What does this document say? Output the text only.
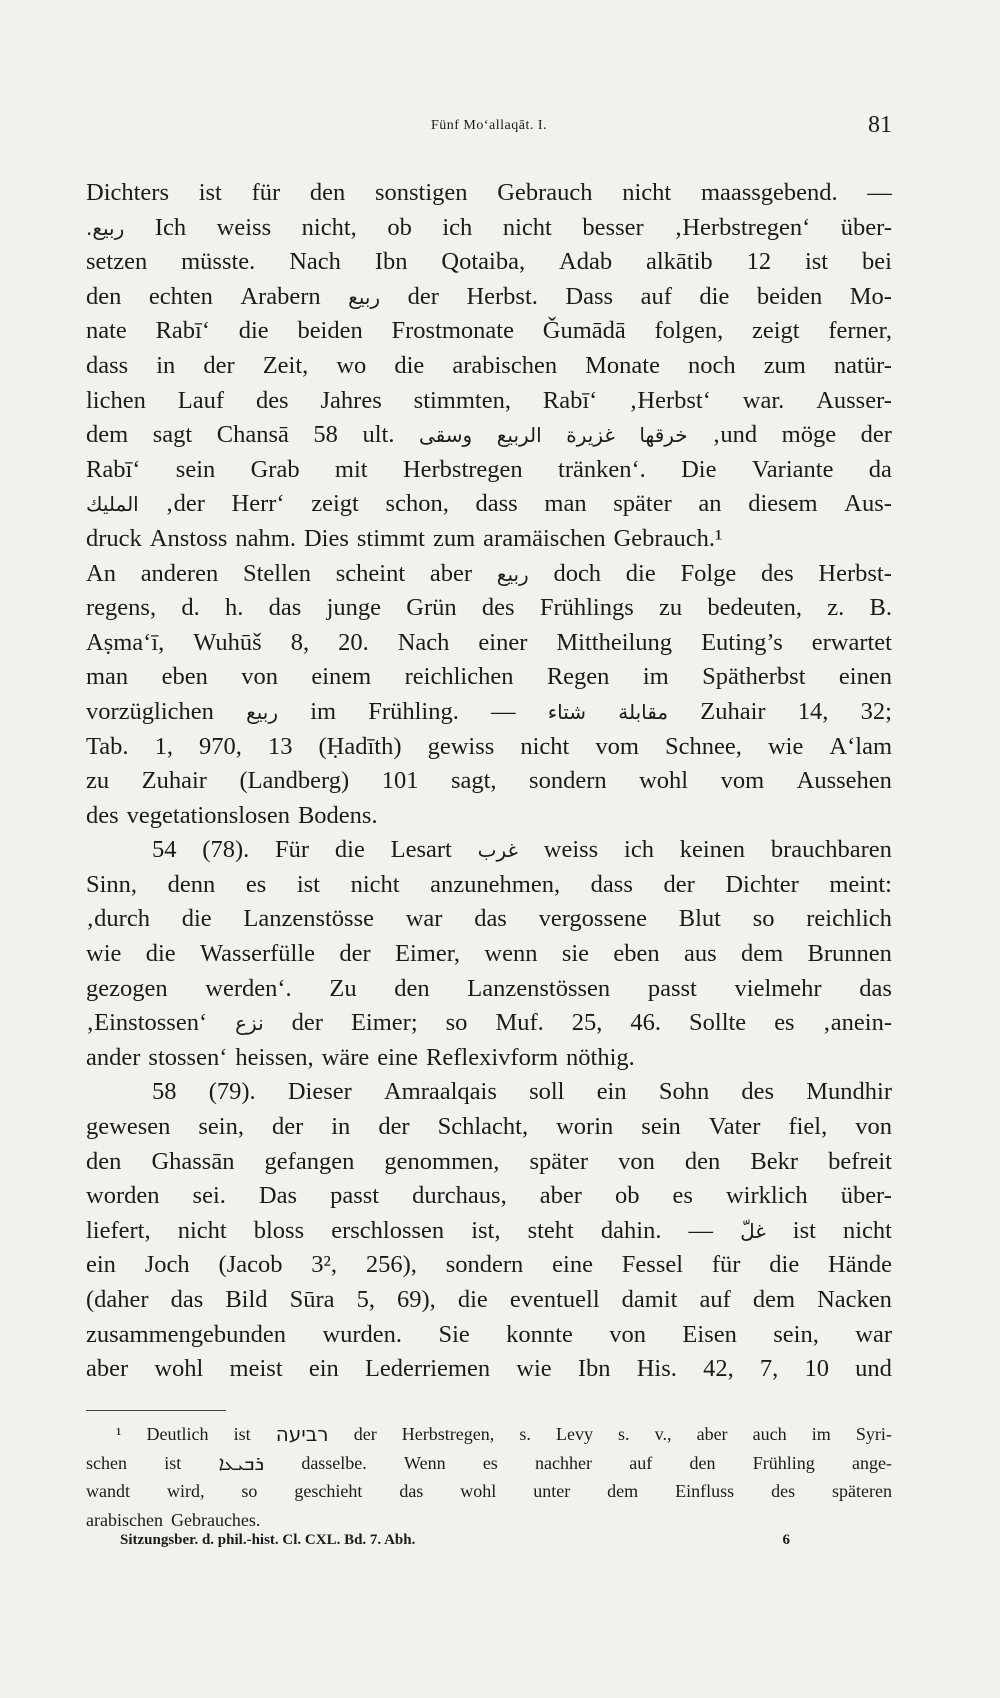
Fünf Mo‘allaqāt. I.	81
Dichters ist für den sonstigen Gebrauch nicht maassgebend. —
ربيع. Ich weiss nicht, ob ich nicht besser ‚Herbstregen‘ über-
setzen müsste. Nach Ibn Qotaiba, Adab alkātib 12 ist bei
den echten Arabern ربيع der Herbst. Dass auf die beiden Mo-
nate Rabī‘ die beiden Frostmonate Ǧumādā folgen, zeigt ferner,
dass in der Zeit, wo die arabischen Monate noch zum natür-
lichen Lauf des Jahres stimmten, Rabī‘ ‚Herbst‘ war. Ausser-
dem sagt Chansā 58 ult. وسقى الربيع غزيرة خرقها ‚und möge der
Rabī‘ sein Grab mit Herbstregen tränken‘. Die Variante da
المليك ‚der Herr‘ zeigt schon, dass man später an diesem Aus-
druck Anstoss nahm. Dies stimmt zum aramäischen Gebrauch.¹
An anderen Stellen scheint aber ربيع doch die Folge des Herbst-
regens, d. h. das junge Grün des Frühlings zu bedeuten, z. B.
Aṣma‘ī, Wuhūš 8, 20. Nach einer Mittheilung Euting’s erwartet
man eben von einem reichlichen Regen im Spätherbst einen
vorzüglichen ربيع im Frühling. — شتاء مقابلة Zuhair 14, 32;
Tab. 1, 970, 13 (Ḥadīth) gewiss nicht vom Schnee, wie A‘lam
zu Zuhair (Landberg) 101 sagt, sondern wohl vom Aussehen
des vegetationslosen Bodens.
54 (78). Für die Lesart غرب weiss ich keinen brauchbaren
Sinn, denn es ist nicht anzunehmen, dass der Dichter meint:
‚durch die Lanzenstösse war das vergossene Blut so reichlich
wie die Wasserfülle der Eimer, wenn sie eben aus dem Brunnen
gezogen werden‘. Zu den Lanzenstössen passt vielmehr das
‚Einstossen‘ نزع der Eimer; so Muf. 25, 46. Sollte es ‚anein-
ander stossen‘ heissen, wäre eine Reflexivform nöthig.
58 (79). Dieser Amraalqais soll ein Sohn des Mundhir
gewesen sein, der in der Schlacht, worin sein Vater fiel, von
den Ghassān gefangen genommen, später von den Bekr befreit
worden sei. Das passt durchaus, aber ob es wirklich über-
liefert, nicht bloss erschlossen ist, steht dahin. — غلّ ist nicht
ein Joch (Jacob 3², 256), sondern eine Fessel für die Hände
(daher das Bild Sūra 5, 69), die eventuell damit auf dem Nacken
zusammengebunden wurden. Sie konnte von Eisen sein, war
aber wohl meist ein Lederriemen wie Ibn His. 42, 7, 10 und
¹ Deutlich ist רביעה der Herbstregen, s. Levy s. v., aber auch im Syri-
schen ist ܪܒܝܥܐ dasselbe. Wenn es nachher auf den Frühling ange-
wandt wird, so geschieht das wohl unter dem Einfluss des späteren
arabischen Gebrauches.
Sitzungsber. d. phil.-hist. Cl. CXL. Bd. 7. Abh.	6
